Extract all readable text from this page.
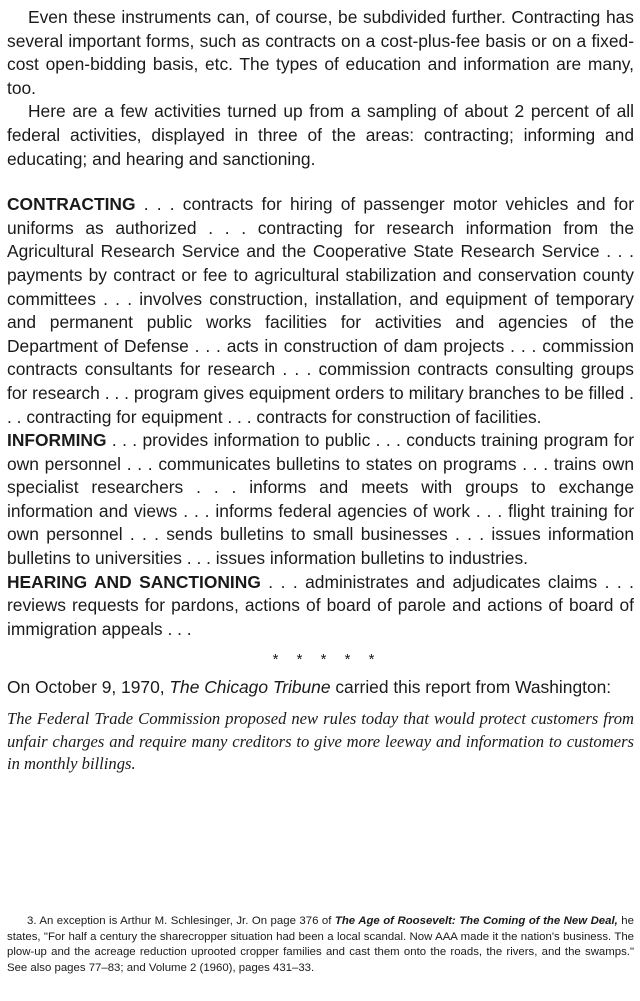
Even these instruments can, of course, be subdivided further. Contracting has several important forms, such as contracts on a cost-plus-fee basis or on a fixed-cost open-bidding basis, etc. The types of education and information are many, too.

Here are a few activities turned up from a sampling of about 2 percent of all federal activities, displayed in three of the areas: contracting; informing and educating; and hearing and sanctioning.

CONTRACTING . . . contracts for hiring of passenger motor vehicles and for uniforms as authorized . . . contracting for research information from the Agricultural Research Service and the Cooperative State Research Service . . . payments by contract or fee to agricultural stabilization and conservation county committees . . . involves construction, installation, and equipment of temporary and permanent public works facilities for activities and agencies of the Department of Defense . . . acts in construction of dam projects . . . commission contracts consultants for research . . . commission contracts consulting groups for research . . . program gives equipment orders to military branches to be filled . . . contracting for equipment . . . contracts for construction of facilities.

INFORMING . . . provides information to public . . . conducts training program for own personnel . . . communicates bulletins to states on programs . . . trains own specialist researchers . . . informs and meets with groups to exchange information and views . . . informs federal agencies of work . . . flight training for own personnel . . . sends bulletins to small businesses . . . issues information bulletins to universities . . . issues information bulletins to industries.

HEARING AND SANCTIONING . . . administrates and adjudicates claims . . . reviews requests for pardons, actions of board of parole and actions of board of immigration appeals . . .

* * * * *

On October 9, 1970, The Chicago Tribune carried this report from Washington:

The Federal Trade Commission proposed new rules today that would protect customers from unfair charges and require many creditors to give more leeway and information to customers in monthly billings.

3. An exception is Arthur M. Schlesinger, Jr. On page 376 of The Age of Roosevelt: The Coming of the New Deal, he states, "For half a century the sharecropper situation had been a local scandal. Now AAA made it the nation's business. The plow-up and the acreage reduction uprooted cropper families and cast them onto the roads, the rivers, and the swamps." See also pages 77–83; and Volume 2 (1960), pages 431–33.
